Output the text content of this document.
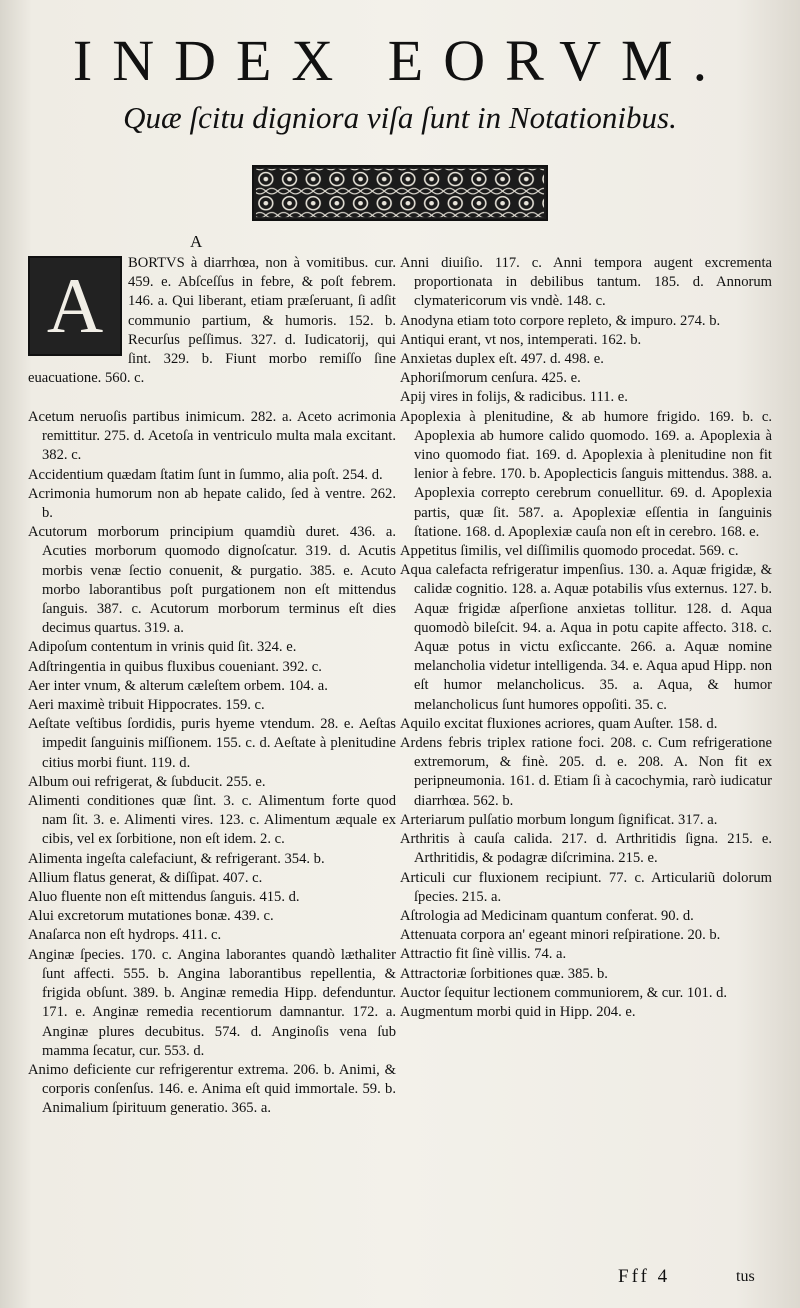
INDEX EORVM.

Quæ ſcitu digniora viſa ſunt in Notationibus.

A

A	BORTVS à diarrhœa, non à vomitibus. cur. 459. e. Abſceſſus in febre, & poſt febrem. 146. a. Qui liberant, etiam præſeruant, ſi adſit communio partium, & humoris. 152. b. Recurſus peſſimus. 327. d. Iudicatorij, qui ſint. 329. b. Fiunt morbo remiſſo ſine euacuatione. 560. c.

Acetum neruoſis partibus inimicum. 282. a. Aceto acrimonia remittitur. 275. d. Acetoſa in ventriculo multa mala excitant. 382. c.

Accidentium quædam ſtatim ſunt in ſummo, alia poſt. 254. d.

Acrimonia humorum non ab hepate calido, ſed à ventre. 262. b.

Acutorum morborum principium quamdiù duret. 436. a. Acuties morborum quomodo dignoſcatur. 319. d. Acutis morbis venæ ſectio conuenit, & purgatio. 385. e. Acuto morbo laborantibus poſt purgationem non eſt mittendus ſanguis. 387. c. Acutorum morborum terminus eſt dies decimus quartus. 319. a.

Adipoſum contentum in vrinis quid ſit. 324. e.

Adſtringentia in quibus fluxibus coueniant. 392. c.

Aer inter vnum, & alterum cæleſtem orbem. 104. a.

Aeri maximè tribuit Hippocrates. 159. c.

Aeſtate veſtibus ſordidis, puris hyeme vtendum. 28. e. Aeſtas impedit ſanguinis miſſionem. 155. c. d. Aeſtate à plenitudine citius morbi fiunt. 119. d.

Album oui refrigerat, & ſubducit. 255. e.

Alimenti conditiones quæ ſint. 3. c. Alimentum forte quod nam ſit. 3. e. Alimenti vires. 123. c. Alimentum æquale ex cibis, vel ex ſorbitione, non eſt idem. 2. c.

Alimenta ingeſta calefaciunt, & refrigerant. 354. b.

Allium flatus generat, & diſſipat. 407. c.

Aluo fluente non eſt mittendus ſanguis. 415. d.

Alui excretorum mutationes bonæ. 439. c.

Anaſarca non eſt hydrops. 411. c.

Anginæ ſpecies. 170. c. Angina laborantes quandò læthaliter ſunt affecti. 555. b. Angina laborantibus repellentia, & frigida obſunt. 389. b. Anginæ remedia Hipp. defenduntur. 171. e. Anginæ remedia recentiorum damnantur. 172. a. Anginæ plures decubitus. 574. d. Anginoſis vena ſub mamma ſecatur, cur. 553. d.

Animo deficiente cur refrigerentur extrema. 206. b. Animi, & corporis conſenſus. 146. e. Anima eſt quid immortale. 59. b. Animalium ſpirituum generatio. 365. a.

Anni diuiſio. 117. c. Anni tempora augent excrementa proportionata in debilibus tantum. 185. d. Annorum clymatericorum vis vndè. 148. c.

Anodyna etiam toto corpore repleto, & impuro. 274. b.

Antiqui erant, vt nos, intemperati. 162. b.

Anxietas duplex eſt. 497. d. 498. e.

Aphoriſmorum cenſura. 425. e.

Apij vires in folijs, & radicibus. 111. e.

Apoplexia à plenitudine, & ab humore frigido. 169. b. c. Apoplexia ab humore calido quomodo. 169. a. Apoplexia à vino quomodo fiat. 169. d. Apoplexia à plenitudine non fit lenior à febre. 170. b. Apoplecticis ſanguis mittendus. 388. a. Apoplexia correpto cerebrum conuellitur. 69. d. Apoplexia partis, quæ ſit. 587. a. Apoplexiæ eſſentia in ſanguinis ſtatione. 168. d. Apoplexiæ cauſa non eſt in cerebro. 168. e.

Appetitus ſimilis, vel diſſimilis quomodo procedat. 569. c.

Aqua calefacta refrigeratur impenſius. 130. a. Aquæ frigidæ, & calidæ cognitio. 128. a. Aquæ potabilis vſus externus. 127. b. Aquæ frigidæ aſperſione anxietas tollitur. 128. d. Aqua quomodò bileſcit. 94. a. Aqua in potu capite affecto. 318. c. Aquæ potus in victu exſiccante. 266. a. Aquæ nomine melancholia videtur intelligenda. 34. e. Aqua apud Hipp. non eſt humor melancholicus. 35. a. Aqua, & humor melancholicus ſunt humores oppoſiti. 35. c.

Aquilo excitat fluxiones acriores, quam Auſter. 158. d.

Ardens febris triplex ratione foci. 208. c. Cum refrigeratione extremorum, & finè. 205. d. e. 208. A. Non fit ex peripneumonia. 161. d. Etiam ſi à cacochymia, rarò iudicatur diarrhœa. 562. b.

Arteriarum pulſatio morbum longum ſignificat. 317. a.

Arthritis à cauſa calida. 217. d. Arthritidis ſigna. 215. e. Arthritidis, & podagræ diſcrimina. 215. e.

Articuli cur fluxionem recipiunt. 77. c. Articulariũ dolorum ſpecies. 215. a.

Aſtrologia ad Medicinam quantum conferat. 90. d.

Attenuata corpora an' egeant minori reſpiratione. 20. b.

Attractio fit ſinè villis. 74. a.

Attractoriæ ſorbitiones quæ. 385. b.

Auctor ſequitur lectionem communiorem, & cur. 101. d.

Augmentum morbi quid in Hipp. 204. e.

Fff 4	tus
